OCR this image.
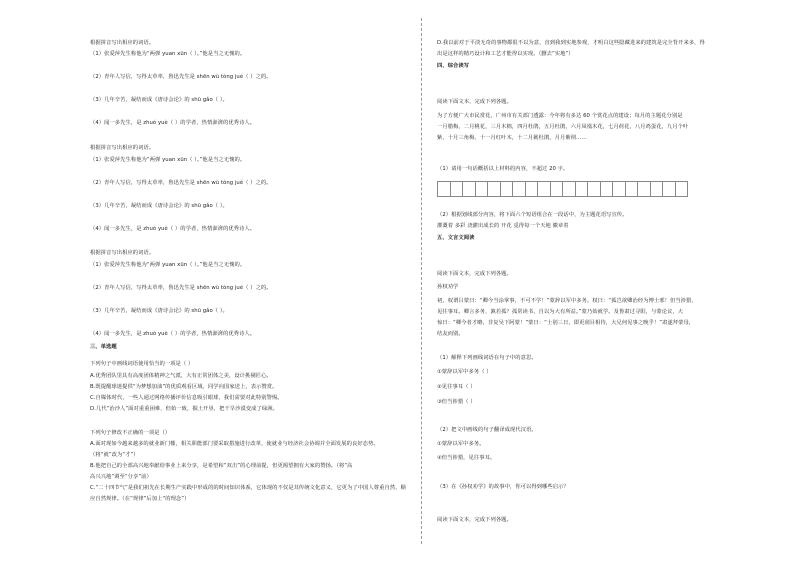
根据拼音写出相应的词语。
（1）张爱萍先生称他为“两弹 yuan xūn（ ）。”他是当之无愧的。
（2）青年人写信，写得太草率，鲁迅先生是 shēn wù tòng jué（ ）之的。
（3）几年辛苦，凝结而成《唐诗会论》的 shū gǎo（ ）。
（4）闻一多先生，是 zhuó yuè（ ）的学者，热情澎湃的优秀诗人。
根据拼音写出相应的词语。
（1）张爱萍先生称他为“两弹 yuan xūn（ ）。”他是当之无愧的。
（2）青年人写信，写得太草率，鲁迅先生是 shēn wù tòng jué（ ）之的。
（3）几年辛苦，凝结而成《唐诗会论》的 shū gǎo（ ）。
（4）闻一多先生，是 zhuó yuè（ ）的学者，热情澎湃的优秀诗人。
根据拼音写出相应的词语。
（1）张爱萍先生称他为“两弹 yuan xūn（ ）。”他是当之无愧的。
（2）青年人写信，写得太草率，鲁迅先生是 shēn wù tòng jué（ ）之的。
（3）几年辛苦，凝结而成《唐诗会论》的 shū gǎo（ ）。
（4）闻一多先生，是 zhuó yuè（ ）的学者，热情澎湃的优秀诗人。
三、单选题
下列句子中画线词语使用恰当的一项是（ ）
A.优秀团队里具有高度团体精神之气派，大有正常团体之美，设计挑剔匠心。
B.既提醒球迷提供“为梦想加油”的优质观看区域，同学向国家送上，表示赞赏。
C.自媒体时代，一些人通过网络传播评价信息吸引眼球，我们需要对此特别警惕。
D.几代“治沙人”面对重重困难，但始一致，掘土开垦，把干旱沙漠变成了绿洲。
下列句子修改不正确的一项是（）
A.面对现如今越来越多的就业新门槛，相关职能部门要采取措施进行改革，使就业与经济社会协调并全面发展的良好态势。
（将“就”改为“才”）
B.他把自己的全部高兴地奉献给事业上来分享，是希望和“双击”的心理前提，但更渴望拥有大家的赞扬。（将“高
高兴兴地”调至“分享”前）
C.“二十四节气”是我们祖先在长期生产实践中形成的的时间知识体系，它体现的不仅是其传统文化意义，它更为了中国人尊重自然、顺
应自然规律。（在“规律”后加上“的理念”）
D.我以前对于平淡无奇的事物都很不以为意，直到我到实地参观，才明白这些隐藏进来的建筑是完全背开来多，得
出是这样的精巧设计和工艺才能得以实现。（删去“实地”）
四、综合读写
阅读下面文本，完成下列各题。
为了方便广大市民赏花，广州市有关部门透露：今年将有多达 60 个赏花点的建设；每月的主题花分别是
一月腊梅，二月桃花，三月木棉，四月杜鹃，五月杜鹃，六月凤凰木花，七月荷花，八月鸡蛋花，九月个叶
紫，十月三角梅，十一月红叶木，十二月簕杜鹃，月月紫荆……
（1）请用一句话概括以上材料的内容，不超过 20 字。
（2）根据划线部分内容，将下面六个短语组合在一段话中，为主题花语写宣传。
灌溉着 多彩 浇灌出成长的 开花 觅得每一个天地 徽章着
五、文言文阅读
阅读下面文本，完成下列各题。
孙权劝学
初，权谓吕蒙曰：“卿今当涂掌事，不可不学！”蒙辞以军中多务。权曰：“孤岂欲卿治经为博士邪！但当涉猎，
见往事耳。卿言多务，孰若孤？孤常读书，自以为大有所益。”蒙乃始就学。及鲁肃过寻阳，与蒙论议，大
惊曰：“卿今者才略，非复吴下阿蒙！”蒙曰：“士别三日，即更刮目相待，大兄何见事之晚乎！”肃遂拜蒙母，
结友而别。
（1）解释下列画线词语在句子中的意思。
①蒙辞以军中多务（ ）
②见往事耳（ ）
③但当涉猎（ ）
（2）把文中画线的句子翻译成现代汉语。
①蒙辞以军中多务。
②但当涉猎，见往事耳。
（3）在《孙权劝学》的故事中，你可以得到哪些启示？
阅读下面文本，完成下列各题。
